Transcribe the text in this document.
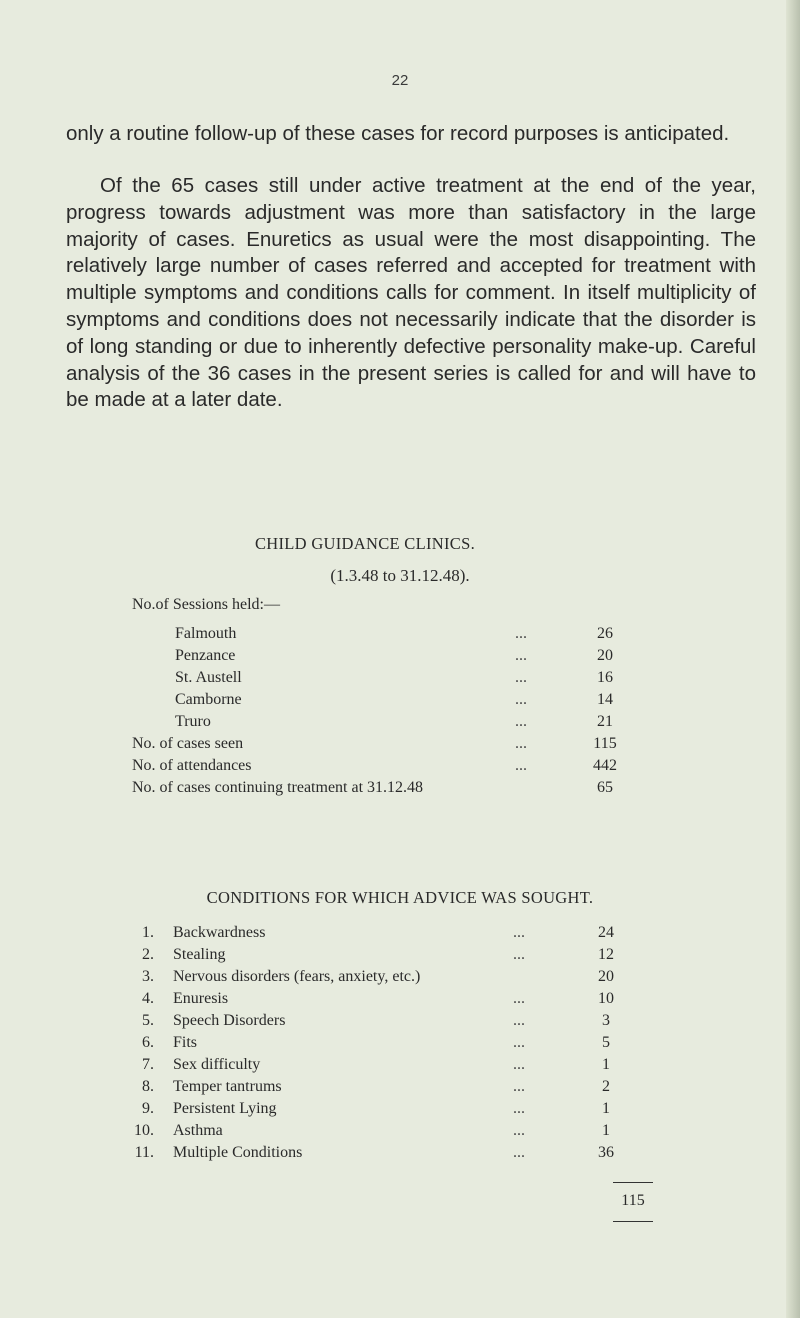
22

only a routine follow-up of these cases for record purposes is anticipated.

Of the 65 cases still under active treatment at the end of the year, progress towards adjustment was more than satisfactory in the large majority of cases. Enuretics as usual were the most disappointing. The relatively large number of cases referred and accepted for treatment with multiple symptoms and conditions calls for comment. In itself multiplicity of symptoms and conditions does not necessarily indicate that the disorder is of long standing or due to inherently defective personality make-up. Careful analysis of the 36 cases in the present series is called for and will have to be made at a later date.

CHILD GUIDANCE CLINICS.
(1.3.48 to 31.12.48).
No.of Sessions held:—
Falmouth	...	26
Penzance	...	20
St. Austell	...	16
Camborne	...	14
Truro	...	21
No. of cases seen	...	115
No. of attendances	...	442
No. of cases continuing treatment at 31.12.48	65
CONDITIONS FOR WHICH ADVICE WAS SOUGHT.
1. Backwardness	...	24
2. Stealing	...	12
3. Nervous disorders (fears, anxiety, etc.)	20
4. Enuresis	...	10
5. Speech Disorders	...	3
6. Fits	...	5
7. Sex difficulty	...	1
8. Temper tantrums	...	2
9. Persistent Lying	...	1
10. Asthma	...	1
11. Multiple Conditions	...	36
115
